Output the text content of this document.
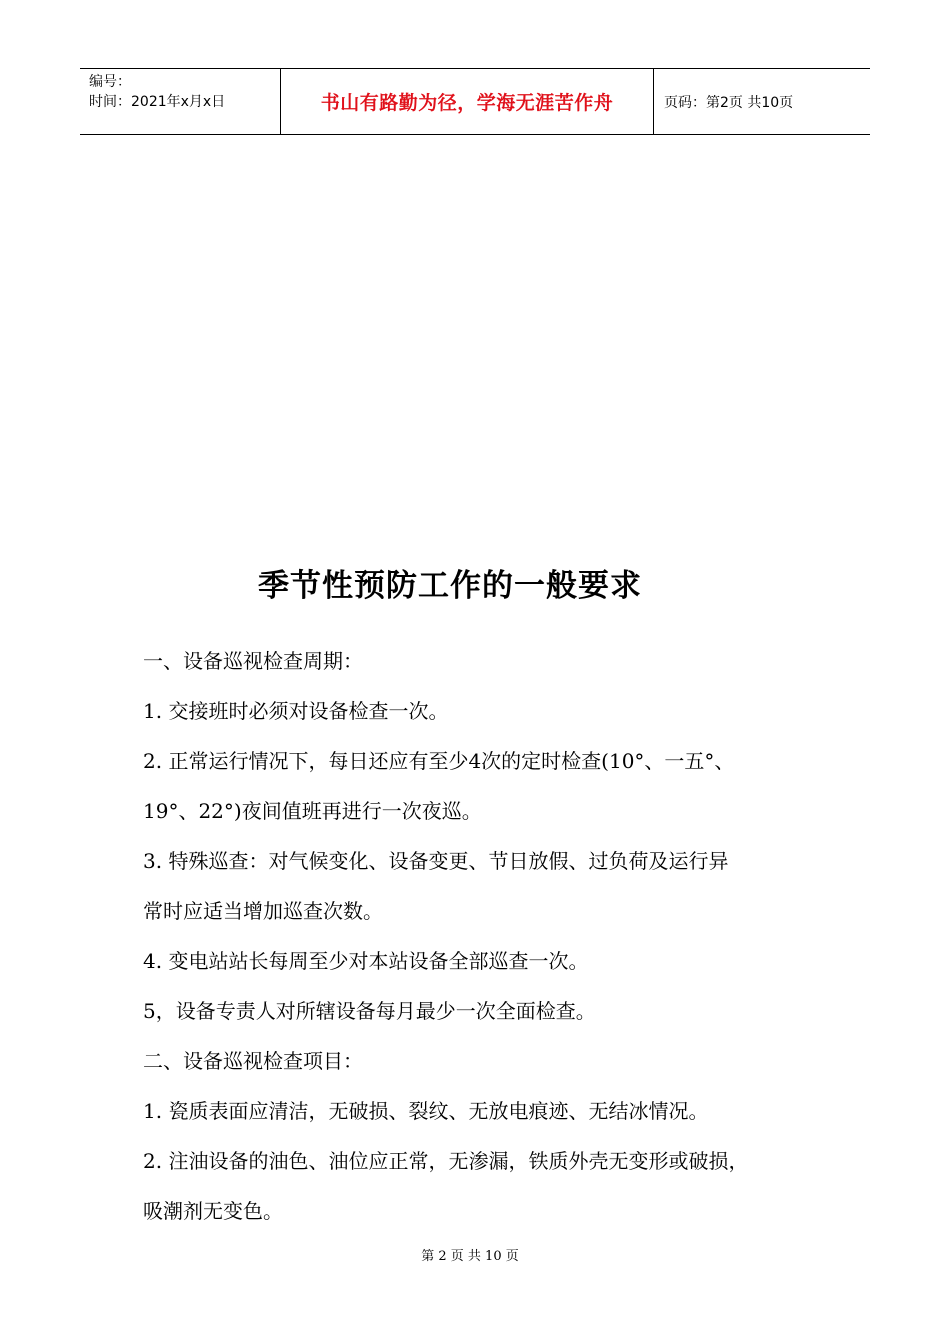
编号：
时间：2021年x月x日	书山有路勤为径，学海无涯苦作舟	页码：第2页 共10页
季节性预防工作的一般要求

一、设备巡视检查周期：

1. 交接班时必须对设备检查一次。

2. 正常运行情况下，每日还应有至少4次的定时检查(10°、一五°、

19°、22°)夜间值班再进行一次夜巡。

3. 特殊巡查：对气候变化、设备变更、节日放假、过负荷及运行异

常时应适当增加巡查次数。

4. 变电站站长每周至少对本站设备全部巡查一次。

5，设备专责人对所辖设备每月最少一次全面检查。

二、设备巡视检查项目：

1. 瓷质表面应清洁，无破损、裂纹、无放电痕迹、无结冰情况。

2. 注油设备的油色、油位应正常，无渗漏，铁质外壳无变形或破损，

吸潮剂无变色。

第 2 页 共 10 页
